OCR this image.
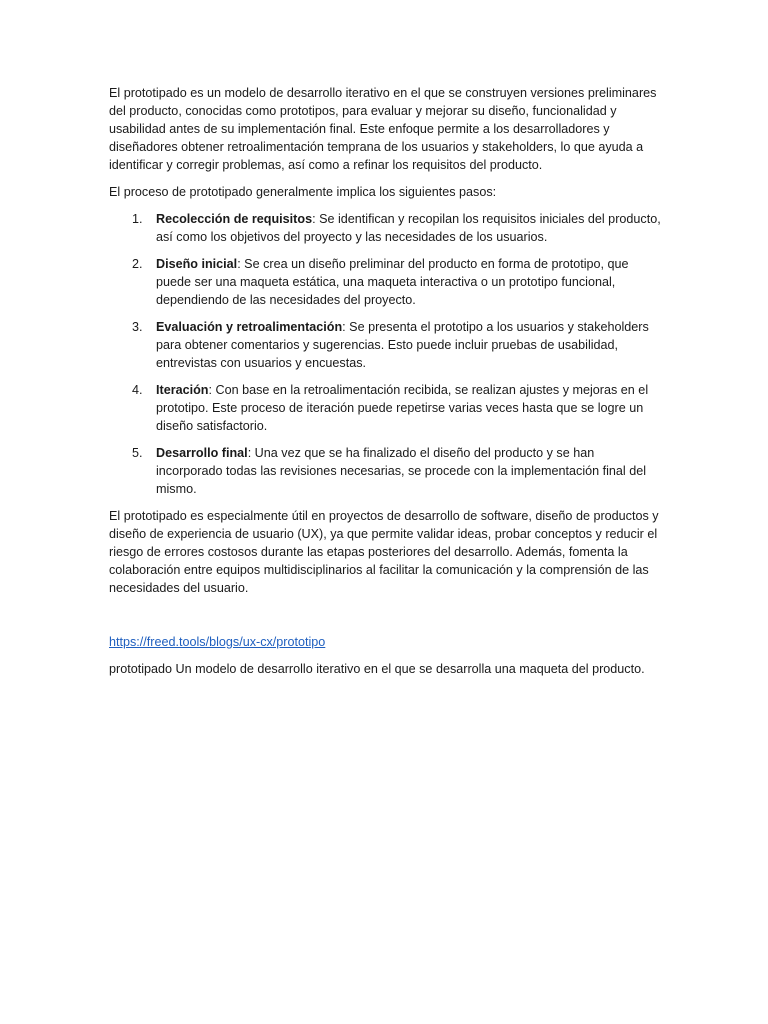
El prototipado es un modelo de desarrollo iterativo en el que se construyen versiones preliminares del producto, conocidas como prototipos, para evaluar y mejorar su diseño, funcionalidad y usabilidad antes de su implementación final. Este enfoque permite a los desarrolladores y diseñadores obtener retroalimentación temprana de los usuarios y stakeholders, lo que ayuda a identificar y corregir problemas, así como a refinar los requisitos del producto.

El proceso de prototipado generalmente implica los siguientes pasos:

1. Recolección de requisitos: Se identifican y recopilan los requisitos iniciales del producto, así como los objetivos del proyecto y las necesidades de los usuarios.
2. Diseño inicial: Se crea un diseño preliminar del producto en forma de prototipo, que puede ser una maqueta estática, una maqueta interactiva o un prototipo funcional, dependiendo de las necesidades del proyecto.
3. Evaluación y retroalimentación: Se presenta el prototipo a los usuarios y stakeholders para obtener comentarios y sugerencias. Esto puede incluir pruebas de usabilidad, entrevistas con usuarios y encuestas.
4. Iteración: Con base en la retroalimentación recibida, se realizan ajustes y mejoras en el prototipo. Este proceso de iteración puede repetirse varias veces hasta que se logre un diseño satisfactorio.
5. Desarrollo final: Una vez que se ha finalizado el diseño del producto y se han incorporado todas las revisiones necesarias, se procede con la implementación final del mismo.

El prototipado es especialmente útil en proyectos de desarrollo de software, diseño de productos y diseño de experiencia de usuario (UX), ya que permite validar ideas, probar conceptos y reducir el riesgo de errores costosos durante las etapas posteriores del desarrollo. Además, fomenta la colaboración entre equipos multidisciplinarios al facilitar la comunicación y la comprensión de las necesidades del usuario.

https://freed.tools/blogs/ux-cx/prototipo

prototipado Un modelo de desarrollo iterativo en el que se desarrolla una maqueta del producto.
